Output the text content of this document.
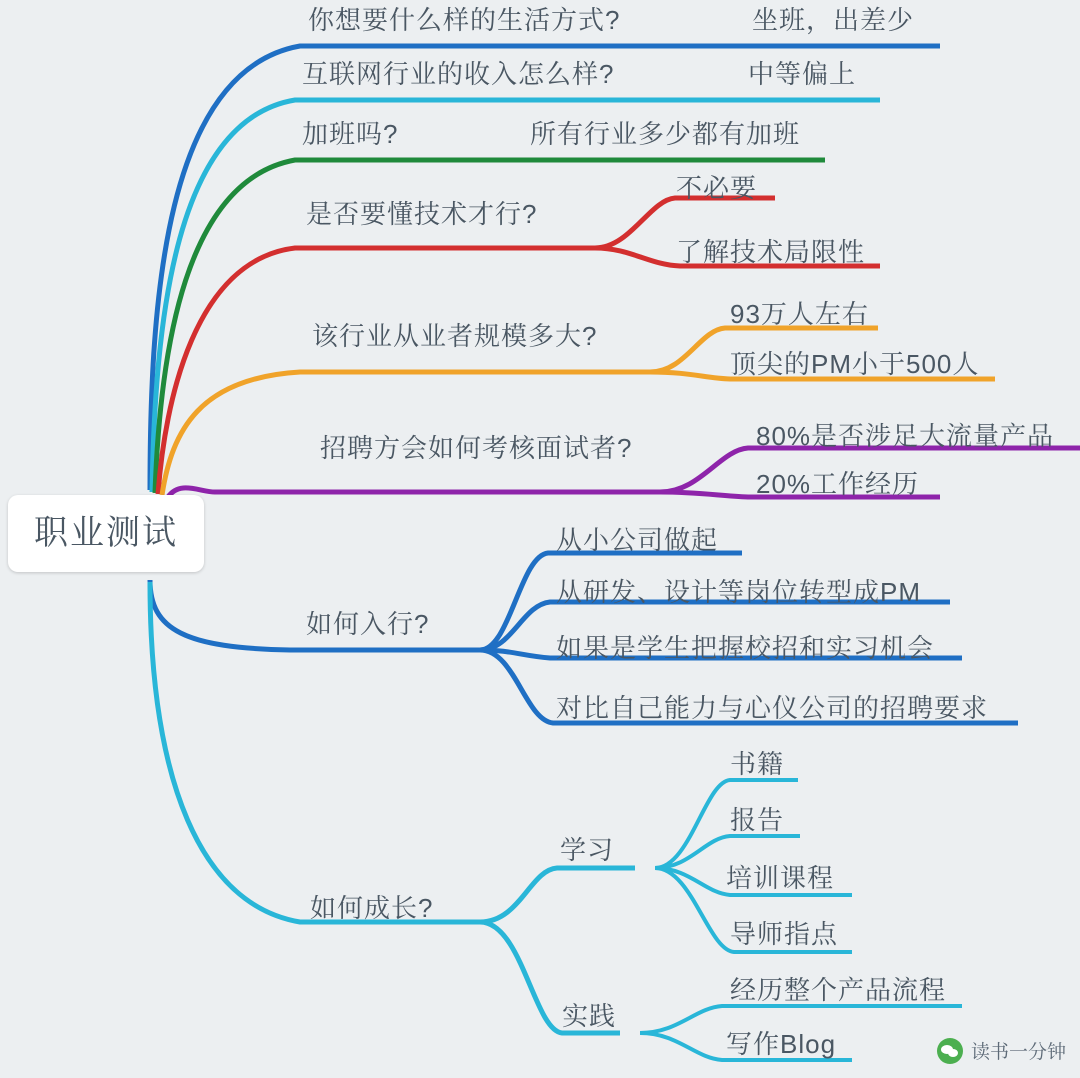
职业测试
你想要什么样的生活方式?	坐班，出差少
互联网行业的收入怎么样?	中等偏上
加班吗?	所有行业多少都有加班
是否要懂技术才行?
不必要
了解技术局限性
该行业从业者规模多大?
93万人左右
顶尖的PM小于500人
招聘方会如何考核面试者?	80%是否涉足大流量产品
20%工作经历
如何入行?
从小公司做起
从研发、设计等岗位转型成PM
如果是学生把握校招和实习机会
对比自己能力与心仪公司的招聘要求
如何成长?
学习
书籍
报告
培训课程
导师指点
实践
经历整个产品流程
写作Blog	读书一分钟
